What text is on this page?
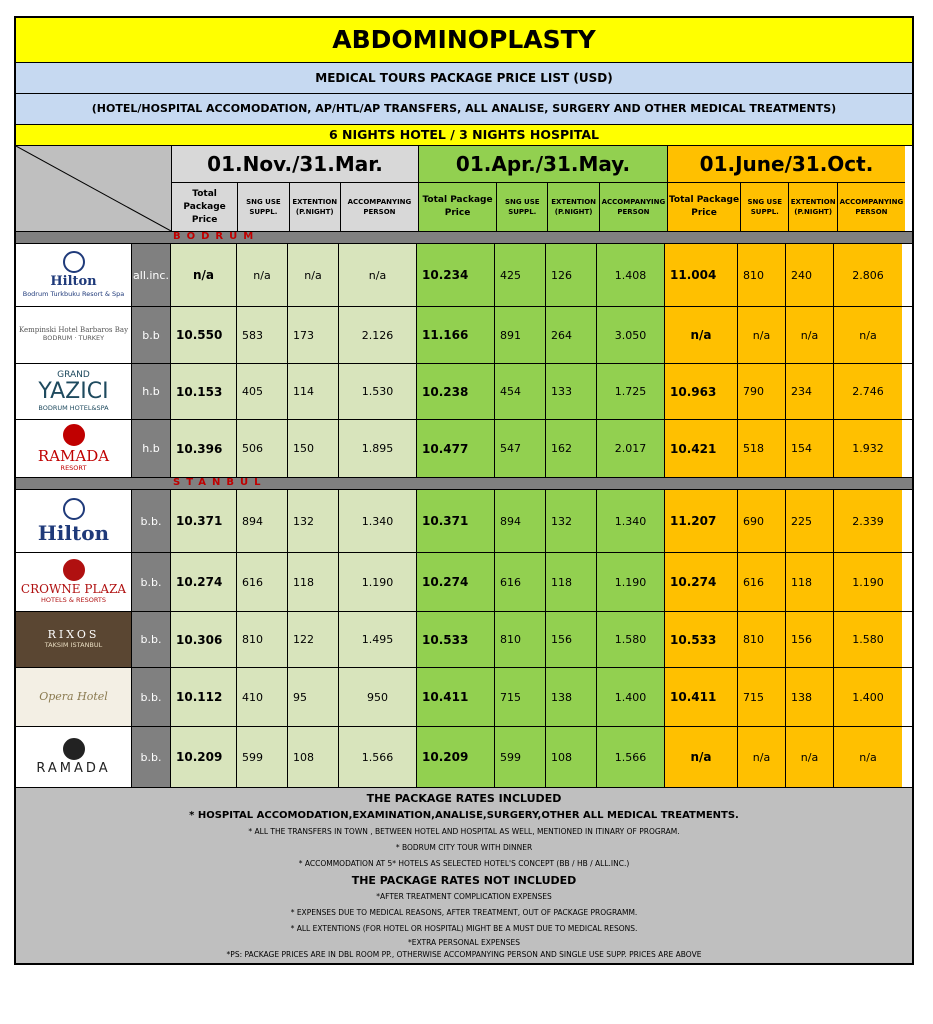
ABDOMINOPLASTY
MEDICAL TOURS PACKAGE PRICE LIST (USD)
(HOTEL/HOSPITAL ACCOMODATION, AP/HTL/AP TRANSFERS, ALL ANALISE, SURGERY AND OTHER MEDICAL TREATMENTS)
6 NIGHTS HOTEL / 3 NIGHTS HOSPITAL
01.Nov./31.Mar.
Total Package Price
SNG USE SUPPL.
EXTENTION (P.NIGHT)
ACCOMPANYING PERSON
01.Apr./31.May.
Total Package Price
SNG USE SUPPL.
EXTENTION (P.NIGHT)
ACCOMPANYING PERSON
01.June/31.Oct.
Total Package Price
SNG USE SUPPL.
EXTENTION (P.NIGHT)
ACCOMPANYING PERSON
BODRUM
Hilton
Bodrum Turkbuku Resort & Spa
all.inc.	n/a	n/a	n/a	n/a	10.234	425	126	1.408	11.004	810	240	2.806
Kempinski Hotel Barbaros Bay
BODRUM · TURKEY	b.b	10.550	583	173	2.126	11.166	891	264	3.050	n/a	n/a	n/a	n/a
GRAND
YAZICI
BODRUM HOTEL&SPA
h.b	10.153	405	114	1.530	10.238	454	133	1.725	10.963	790	234	2.746
RAMADA
RESORT
h.b	10.396	506	150	1.895	10.477	547	162	2.017	10.421	518	154	1.932
STANBUL
Hilton	b.b.	10.371	894	132	1.340	10.371	894	132	1.340	11.207	690	225	2.339
CROWNE PLAZA
HOTELS & RESORTS
b.b.	10.274	616	118	1.190	10.274	616	118	1.190	10.274	616	118	1.190
RIXOS
TAKSIM ISTANBUL	b.b.	10.306	810	122	1.495	10.533	810	156	1.580	10.533	810	156	1.580
Opera Hotel	b.b.	10.112	410	95	950	10.411	715	138	1.400	10.411	715	138	1.400
RAMADA
b.b.	10.209	599	108	1.566	10.209	599	108	1.566	n/a	n/a	n/a	n/a
THE PACKAGE RATES INCLUDED
* HOSPITAL ACCOMODATION,EXAMINATION,ANALISE,SURGERY,OTHER ALL MEDICAL TREATMENTS.
* ALL THE TRANSFERS IN TOWN , BETWEEN HOTEL AND HOSPITAL AS WELL, MENTIONED IN ITINARY OF PROGRAM.
* BODRUM CITY TOUR WITH DINNER
* ACCOMMODATION AT 5* HOTELS AS SELECTED HOTEL'S CONCEPT (BB / HB / ALL.INC.)
THE PACKAGE RATES NOT INCLUDED
*AFTER TREATMENT COMPLICATION EXPENSES
* EXPENSES DUE TO MEDICAL REASONS, AFTER TREATMENT, OUT OF PACKAGE PROGRAMM.
* ALL EXTENTIONS (FOR HOTEL OR HOSPITAL) MIGHT BE A MUST DUE TO MEDICAL RESONS.
*EXTRA PERSONAL EXPENSES
*PS: PACKAGE PRICES ARE IN DBL ROOM PP., OTHERWISE ACCOMPANYING PERSON AND SINGLE USE SUPP. PRICES ARE ABOVE
